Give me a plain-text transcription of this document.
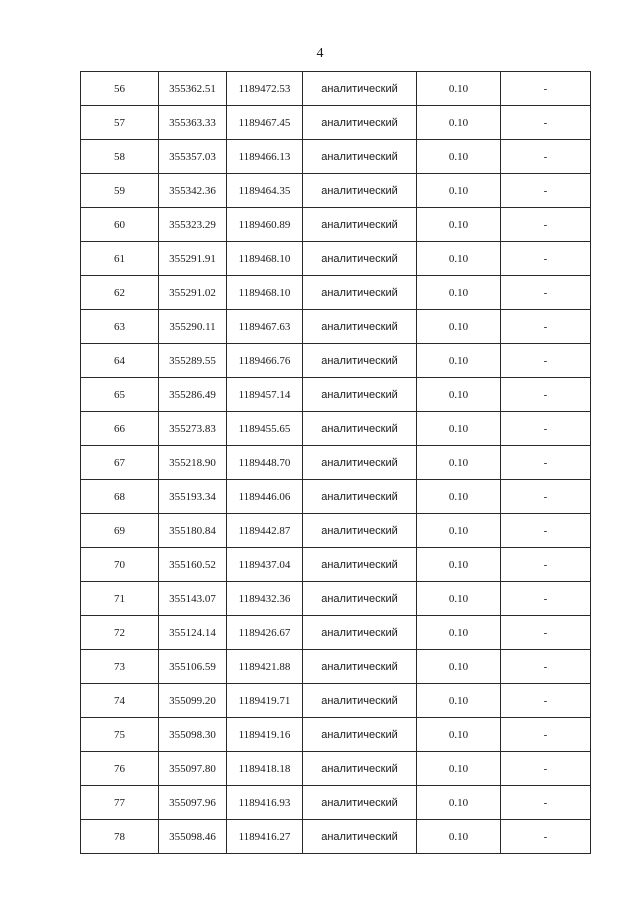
4
56	355362.51	1189472.53	аналитический	0.10	-
57	355363.33	1189467.45	аналитический	0.10	-
58	355357.03	1189466.13	аналитический	0.10	-
59	355342.36	1189464.35	аналитический	0.10	-
60	355323.29	1189460.89	аналитический	0.10	-
61	355291.91	1189468.10	аналитический	0.10	-
62	355291.02	1189468.10	аналитический	0.10	-
63	355290.11	1189467.63	аналитический	0.10	-
64	355289.55	1189466.76	аналитический	0.10	-
65	355286.49	1189457.14	аналитический	0.10	-
66	355273.83	1189455.65	аналитический	0.10	-
67	355218.90	1189448.70	аналитический	0.10	-
68	355193.34	1189446.06	аналитический	0.10	-
69	355180.84	1189442.87	аналитический	0.10	-
70	355160.52	1189437.04	аналитический	0.10	-
71	355143.07	1189432.36	аналитический	0.10	-
72	355124.14	1189426.67	аналитический	0.10	-
73	355106.59	1189421.88	аналитический	0.10	-
74	355099.20	1189419.71	аналитический	0.10	-
75	355098.30	1189419.16	аналитический	0.10	-
76	355097.80	1189418.18	аналитический	0.10	-
77	355097.96	1189416.93	аналитический	0.10	-
78	355098.46	1189416.27	аналитический	0.10	-
